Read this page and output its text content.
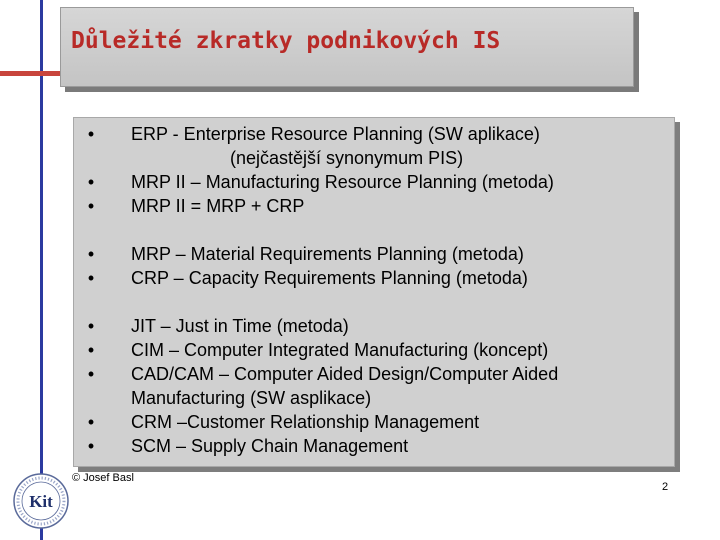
Důležité zkratky podnikových IS
• ERP - Enterprise Resource Planning (SW aplikace)
(nejčastější synonymum PIS)
• MRP II – Manufacturing Resource Planning (metoda)
• MRP II = MRP + CRP
• MRP – Material Requirements Planning (metoda)
• CRP – Capacity Requirements Planning (metoda)
• JIT – Just in Time (metoda)
• CIM – Computer Integrated Manufacturing (koncept)
• CAD/CAM – Computer Aided Design/Computer Aided
Manufacturing (SW asplikace)
• CRM –Customer Relationship Management
• SCM – Supply Chain Management
Kit
© Josef Basl
2
